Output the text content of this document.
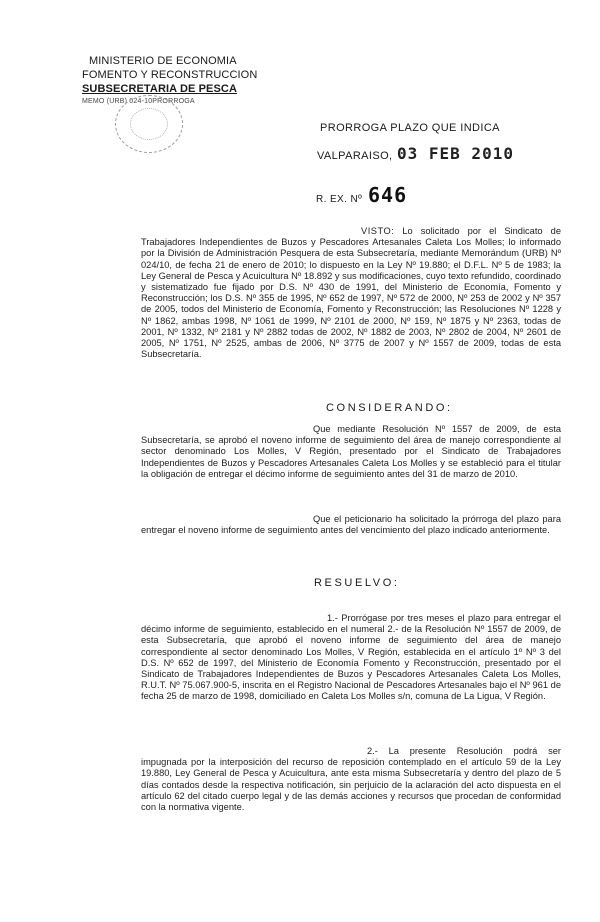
MINISTERIO DE ECONOMIA
FOMENTO Y RECONSTRUCCION
SUBSECRETARIA DE PESCA
MEMO (URB) 024-10PRORROGA
PRORROGA PLAZO QUE INDICA
VALPARAISO, 03 FEB 2010
R. EX. Nº 646
VISTO: Lo solicitado por el Sindicato de Trabajadores Independientes de Buzos y Pescadores Artesanales Caleta Los Molles; lo informado por la División de Administración Pesquera de esta Subsecretaría, mediante Memorándum (URB) Nº 024/10, de fecha 21 de enero de 2010; lo dispuesto en la Ley Nº 19.880; el D.F.L. Nº 5 de 1983; la Ley General de Pesca y Acuicultura Nº 18.892 y sus modificaciones, cuyo texto refundido, coordinado y sistematizado fue fijado por D.S. Nº 430 de 1991, del Ministerio de Economía, Fomento y Reconstrucción; los D.S. Nº 355 de 1995, Nº 652 de 1997, Nº 572 de 2000, Nº 253 de 2002 y Nº 357 de 2005, todos del Ministerio de Economía, Fomento y Reconstrucción; las Resoluciones Nº 1228 y Nº 1862, ambas 1998, Nº 1061 de 1999, Nº 2101 de 2000, Nº 159, Nº 1875 y Nº 2363, todas de 2001, Nº 1332, Nº 2181 y Nº 2882 todas de 2002, Nº 1882 de 2003, Nº 2802 de 2004, Nº 2601 de 2005, Nº 1751, Nº 2525, ambas de 2006, Nº 3775 de 2007 y Nº 1557 de 2009, todas de esta Subsecretaría.
CONSIDERANDO:
Que mediante Resolución Nº 1557 de 2009, de esta Subsecretaría, se aprobó el noveno informe de seguimiento del área de manejo correspondiente al sector denominado Los Molles, V Región, presentado por el Sindicato de Trabajadores Independientes de Buzos y Pescadores Artesanales Caleta Los Molles y se estableció para el titular la obligación de entregar el décimo informe de seguimiento antes del 31 de marzo de 2010.
Que el peticionario ha solicitado la prórroga del plazo para entregar el noveno informe de seguimiento antes del vencimiento del plazo indicado anteriormente.
RESUELVO:
1.- Prorrógase por tres meses el plazo para entregar el décimo informe de seguimiento, establecido en el numeral 2.- de la Resolución Nº 1557 de 2009, de esta Subsecretaría, que aprobó el noveno informe de seguimiento del área de manejo correspondiente al sector denominado Los Molles, V Región, establecida en el artículo 1º Nº 3 del D.S. Nº 652 de 1997, del Ministerio de Economía Fomento y Reconstrucción, presentado por el Sindicato de Trabajadores Independientes de Buzos y Pescadores Artesanales Caleta Los Molles, R.U.T. Nº 75.067.900-5, inscrita en el Registro Nacional de Pescadores Artesanales bajo el Nº 961 de fecha 25 de marzo de 1998, domiciliado en Caleta Los Molles s/n, comuna de La Ligua, V Región.
2.- La presente Resolución podrá ser impugnada por la interposición del recurso de reposición contemplado en el artículo 59 de la Ley 19.880, Ley General de Pesca y Acuicultura, ante esta misma Subsecretaría y dentro del plazo de 5 días contados desde la respectiva notificación, sin perjuicio de la aclaración del acto dispuesta en el artículo 62 del citado cuerpo legal y de las demás acciones y recursos que procedan de conformidad con la normativa vigente.
